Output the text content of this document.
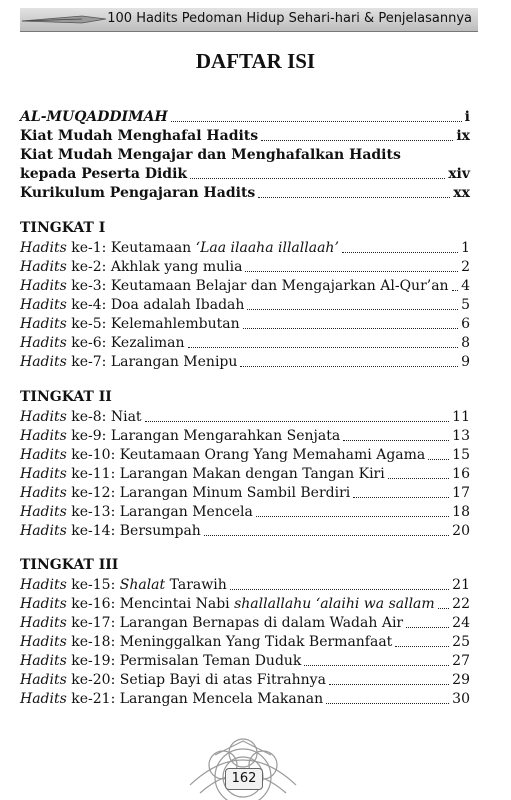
100 Hadits Pedoman Hidup Sehari-hari & Penjelasannya
DAFTAR ISI
AL-MUQADDIMAH	i
Kiat Mudah Menghafal Hadits	ix
Kiat Mudah Mengajar dan Menghafalkan Hadits
kepada Peserta Didik	xiv
Kurikulum Pengajaran Hadits	xx
TINGKAT I
Hadits ke-1: Keutamaan ‘Laa ilaaha illallaah’	1
Hadits ke-2: Akhlak yang mulia	2
Hadits ke-3: Keutamaan Belajar dan Mengajarkan Al-Qur’an 4
Hadits ke-4: Doa adalah Ibadah	5
Hadits ke-5: Kelemahlembutan	6
Hadits ke-6: Kezaliman	8
Hadits ke-7: Larangan Menipu	9
TINGKAT II
Hadits ke-8: Niat	11
Hadits ke-9: Larangan Mengarahkan Senjata	13
Hadits ke-10: Keutamaan Orang Yang Memahami Agama 15
Hadits ke-11: Larangan Makan dengan Tangan Kiri	16
Hadits ke-12: Larangan Minum Sambil Berdiri	17
Hadits ke-13: Larangan Mencela	18
Hadits ke-14: Bersumpah	20
TINGKAT III
Hadits ke-15: Shalat Tarawih	21
Hadits ke-16: Mencintai Nabi shallallahu ‘alaihi wa sallam 22
Hadits ke-17: Larangan Bernapas di dalam Wadah Air	24
Hadits ke-18: Meninggalkan Yang Tidak Bermanfaat	25
Hadits ke-19: Permisalan Teman Duduk	27
Hadits ke-20: Setiap Bayi di atas Fitrahnya	29
Hadits ke-21: Larangan Mencela Makanan	30
162
